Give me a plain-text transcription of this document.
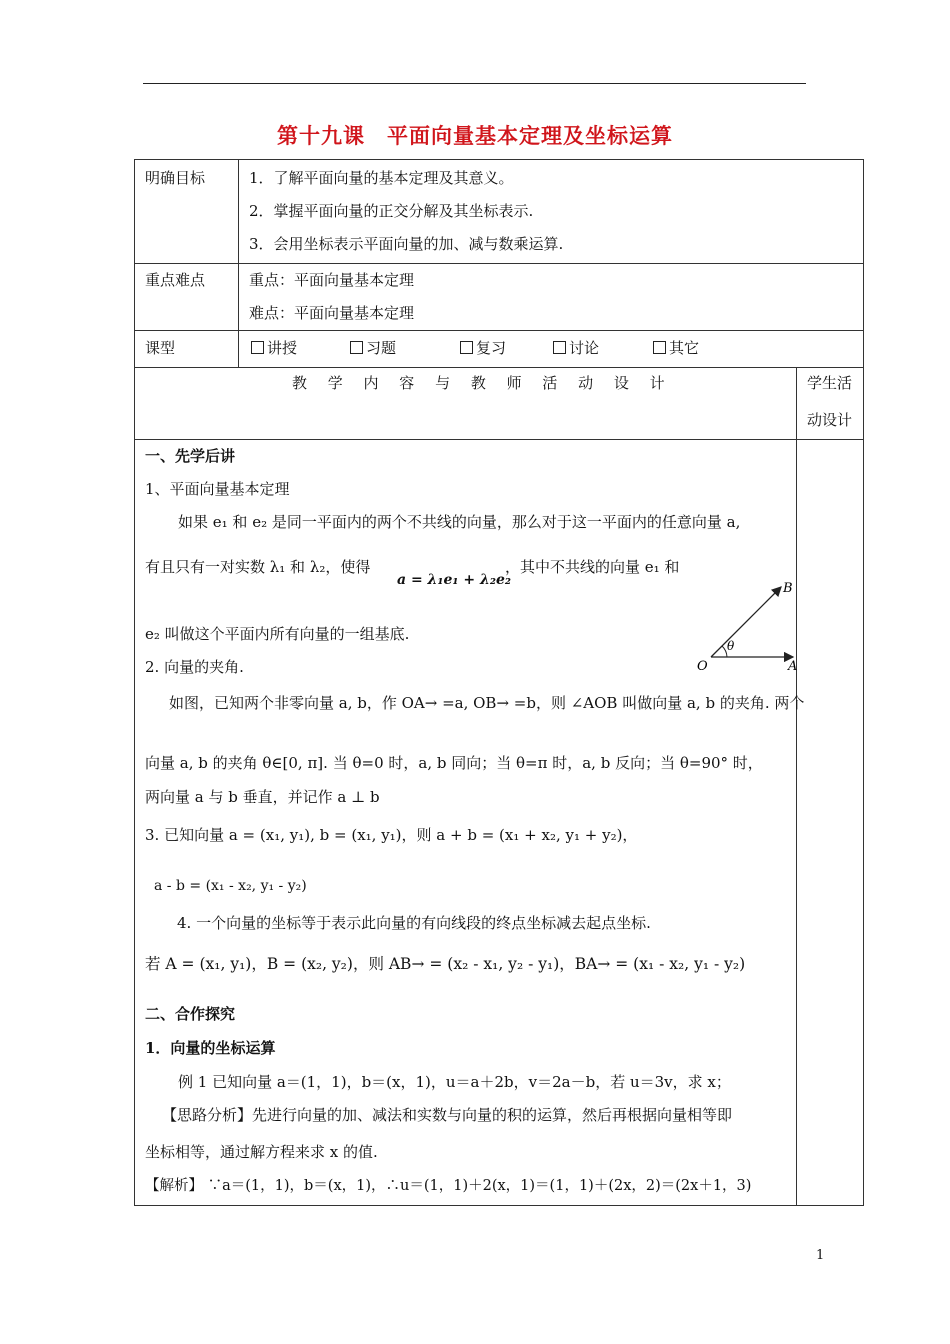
第十九课　平面向量基本定理及坐标运算
明确目标	1．了解平面向量的基本定理及其意义。
2．掌握平面向量的正交分解及其坐标表示.
3．会用坐标表示平面向量的加、减与数乘运算.
重点难点	重点：平面向量基本定理
难点：平面向量基本定理
课型	讲授	习题	复习	讨论	其它
教 学 内 容 与 教 师 活 动 设 计	学生活
动设计
一、先学后讲
1、平面向量基本定理
如果 e₁ 和 e₂ 是同一平面内的两个不共线的向量，那么对于这一平面内的任意向量 a,
有且只有一对实数 λ₁ 和 λ₂，使得
a = λ₁e₁ + λ₂e₂
，其中不共线的向量 e₁ 和
e₂ 叫做这个平面内所有向量的一组基底.
2. 向量的夹角.
如图，已知两个非零向量 a, b，作 OA→ =a, OB→ =b，则 ∠AOB 叫做向量 a, b 的夹角. 两个
向量 a, b 的夹角 θ∈[0, π]. 当 θ=0 时，a, b 同向；当 θ=π 时，a, b 反向；当 θ=90° 时，
两向量 a 与 b 垂直，并记作 a ⊥ b
3. 已知向量 a = (x₁, y₁), b = (x₁, y₁)，则 a + b = (x₁ + x₂, y₁ + y₂)，
a - b = (x₁ - x₂, y₁ - y₂)
4. 一个向量的坐标等于表示此向量的有向线段的终点坐标减去起点坐标.
若 A = (x₁, y₁)，B = (x₂, y₂)，则 AB→ = (x₂ - x₁, y₂ - y₁)，BA→ = (x₁ - x₂, y₁ - y₂)
二、合作探究
1．向量的坐标运算
例 1 已知向量 a＝(1，1)，b＝(x，1)，u＝a＋2b，v＝2a－b，若 u＝3v，求 x；
【思路分析】先进行向量的加、减法和实数与向量的积的运算，然后再根据向量相等即
坐标相等，通过解方程来求 x 的值.
【解析】 ∵a＝(1，1)，b＝(x，1)，∴u＝(1，1)＋2(x，1)＝(1，1)＋(2x，2)＝(2x＋1，3)
O	A
B
θ
1
